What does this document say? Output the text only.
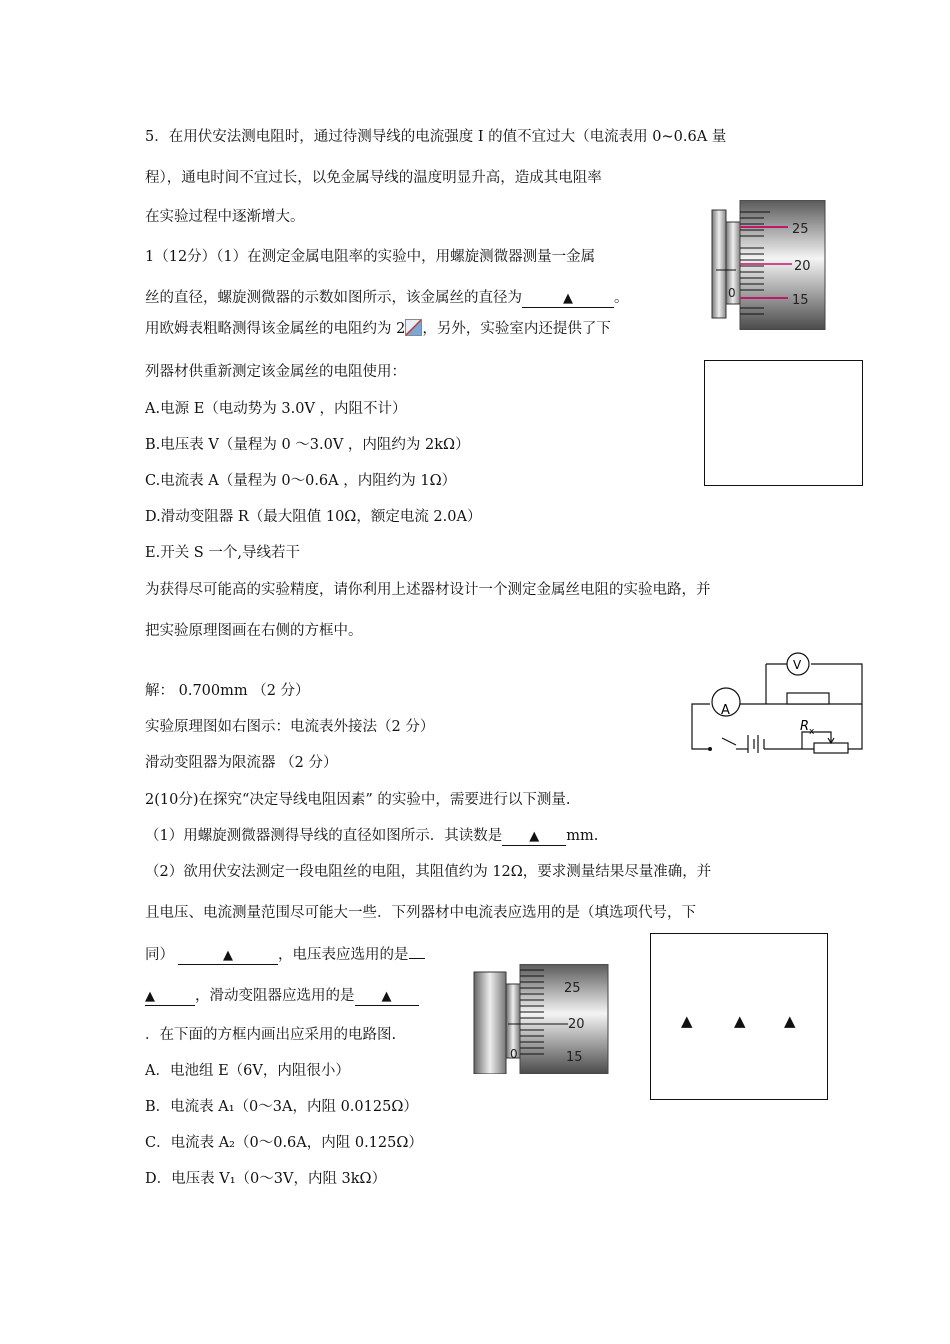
5．在用伏安法测电阻时，通过待测导线的电流强度 I 的值不宜过大（电流表用 0~0.6A 量
程），通电时间不宜过长，以免金属导线的温度明显升高，造成其电阻率
在实验过程中逐渐增大。
25
20
15
0
1（12分）（1）在测定金属电阻率的实验中，用螺旋测微器测量一金属
丝的直径，螺旋测微器的示数如图所示，该金属丝的直径为	▲	。
用欧姆表粗略测得该金属丝的电阻约为 2 ，另外，实验室内还提供了下
列器材供重新测定该金属丝的电阻使用：
A.电源 E（电动势为 3.0V ，内阻不计）
B.电压表 V（量程为 0 ～3.0V ，内阻约为 2kΩ）
C.电流表 A（量程为 0～0.6A ，内阻约为 1Ω）
D.滑动变阻器 R（最大阻值 10Ω，额定电流 2.0A）
E.开关 S 一个,导线若干
为获得尽可能高的实验精度，请你利用上述器材设计一个测定金属丝电阻的实验电路，并
把实验原理图画在右侧的方框中。
解： 0.700mm （2 分）
实验原理图如右图示：电流表外接法（2 分）
滑动变阻器为限流器 （2 分）
V
A
R x
2(10分)在探究“决定导线电阻因素” 的实验中，需要进行以下测量.
（1）用螺旋测微器测得导线的直径如图所示．其读数是 ▲ mm.
（2）欲用伏安法测定一段电阻丝的电阻，其阻值约为 12Ω，要求测量结果尽量准确，并
且电压、电流测量范围尽可能大一些．下列器材中电流表应选用的是（填选项代号，下
同）	▲	，电压表应选用的是
▲	，滑动变阻器应选用的是 ▲
．在下面的方框内画出应采用的电路图.
A．电池组 E（6V，内阻很小）
B．电流表 A₁（0～3A，内阻 0.0125Ω）
C．电流表 A₂（0～0.6A，内阻 0.125Ω）
D．电压表 V₁（0～3V，内阻 3kΩ）
25
20
15
0
▲	▲	▲
